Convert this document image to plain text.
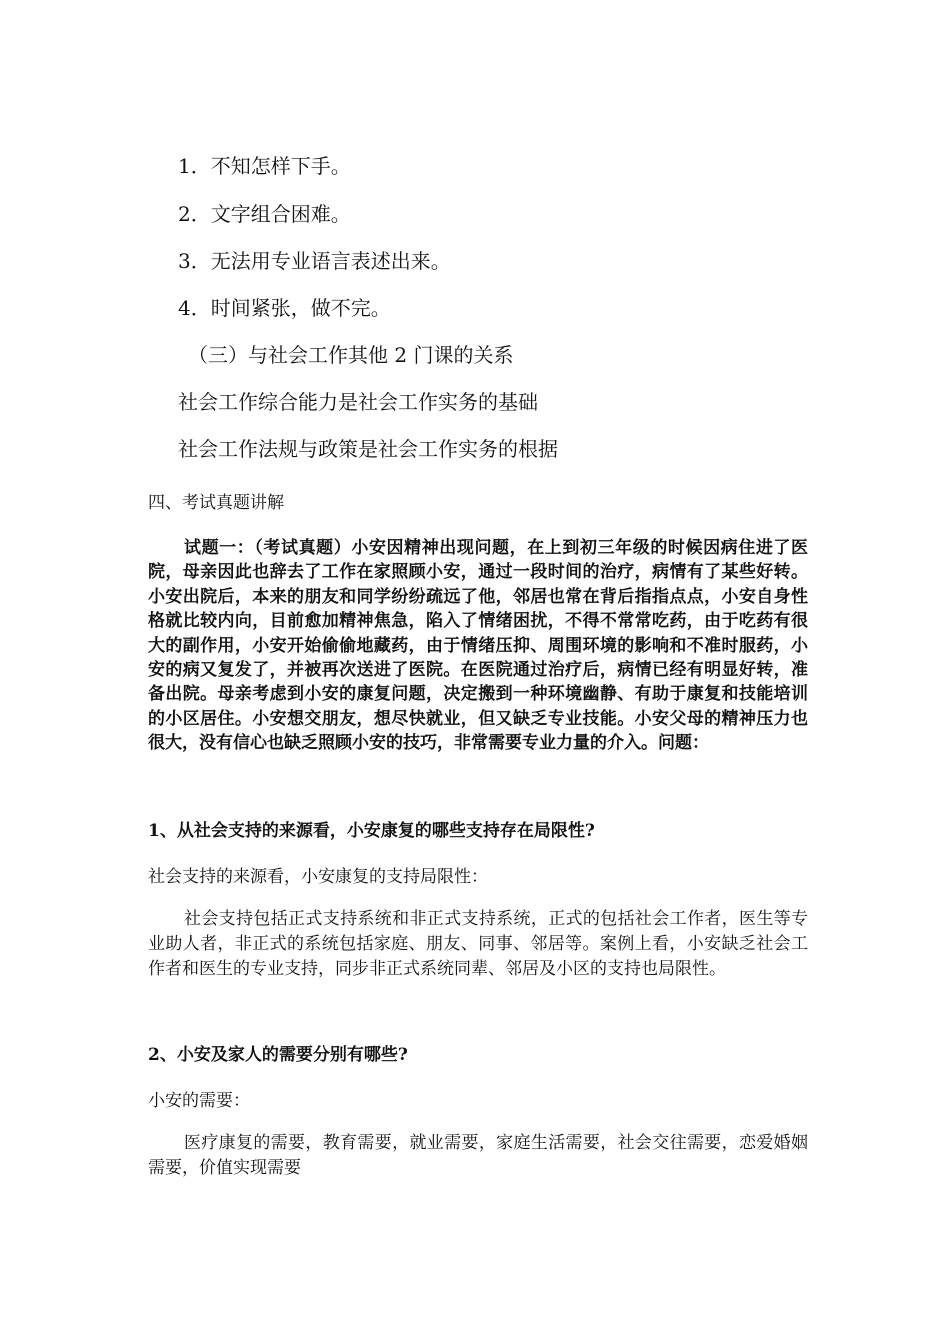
1．不知怎样下手。

2．文字组合困难。

3．无法用专业语言表述出来。

4．时间紧张，做不完。

（三）与社会工作其他 2 门课的关系

社会工作综合能力是社会工作实务的基础

社会工作法规与政策是社会工作实务的根据

四、考试真题讲解

试题一：（考试真题）小安因精神出现问题，在上到初三年级的时候因病住进了医院，母亲因此也辞去了工作在家照顾小安，通过一段时间的治疗，病情有了某些好转。小安出院后，本来的朋友和同学纷纷疏远了他，邻居也常在背后指指点点，小安自身性格就比较内向，目前愈加精神焦急，陷入了情绪困扰，不得不常常吃药，由于吃药有很大的副作用，小安开始偷偷地藏药，由于情绪压抑、周围环境的影响和不准时服药，小安的病又复发了，并被再次送进了医院。在医院通过治疗后，病情已经有明显好转，准备出院。母亲考虑到小安的康复问题，决定搬到一种环境幽静、有助于康复和技能培训的小区居住。小安想交朋友，想尽快就业，但又缺乏专业技能。小安父母的精神压力也很大，没有信心也缺乏照顾小安的技巧，非常需要专业力量的介入。问题：

1、从社会支持的来源看，小安康复的哪些支持存在局限性?

社会支持的来源看，小安康复的支持局限性：

社会支持包括正式支持系统和非正式支持系统，正式的包括社会工作者，医生等专业助人者，非正式的系统包括家庭、朋友、同事、邻居等。案例上看，小安缺乏社会工作者和医生的专业支持，同步非正式系统同辈、邻居及小区的支持也局限性。

2、小安及家人的需要分别有哪些?

小安的需要：

医疗康复的需要，教育需要，就业需要，家庭生活需要，社会交往需要，恋爱婚姻需要，价值实现需要
